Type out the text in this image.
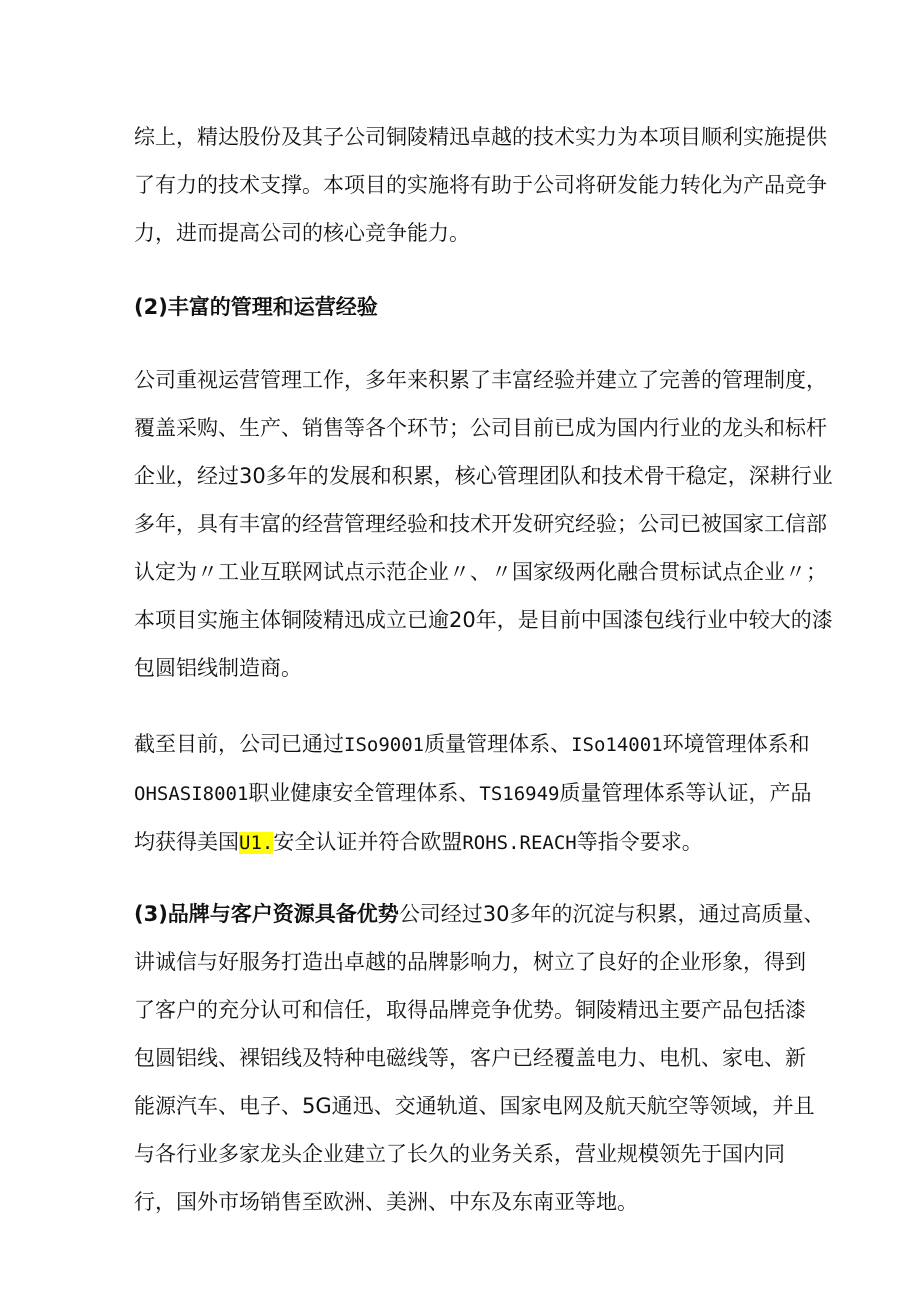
综上，精达股份及其子公司铜陵精迅卓越的技术实力为本项目顺利实施提供
了有力的技术支撑。本项目的实施将有助于公司将研发能力转化为产品竞争
力，进而提高公司的核心竞争能力。
(2)丰富的管理和运营经验
公司重视运营管理工作，多年来积累了丰富经验并建立了完善的管理制度，
覆盖采购、生产、销售等各个环节；公司目前已成为国内行业的龙头和标杆
企业，经过30多年的发展和积累，核心管理团队和技术骨干稳定，深耕行业
多年，具有丰富的经营管理经验和技术开发研究经验；公司已被国家工信部
认定为〃工业互联网试点示范企业〃、〃国家级两化融合贯标试点企业〃；
本项目实施主体铜陵精迅成立已逾20年，是目前中国漆包线行业中较大的漆
包圆铝线制造商。
截至目前，公司已通过ISo9001质量管理体系、ISo14001环境管理体系和
OHSASI8001职业健康安全管理体系、TS16949质量管理体系等认证，产品
均获得美国U1.安全认证并符合欧盟ROHS.REACH等指令要求。
(3)品牌与客户资源具备优势公司经过30多年的沉淀与积累，通过高质量、
讲诚信与好服务打造出卓越的品牌影响力，树立了良好的企业形象，得到
了客户的充分认可和信任，取得品牌竞争优势。铜陵精迅主要产品包括漆
包圆铝线、裸铝线及特种电磁线等，客户已经覆盖电力、电机、家电、新
能源汽车、电子、5G通迅、交通轨道、国家电网及航天航空等领域，并且
与各行业多家龙头企业建立了长久的业务关系，营业规模领先于国内同
行，国外市场销售至欧洲、美洲、中东及东南亚等地。
